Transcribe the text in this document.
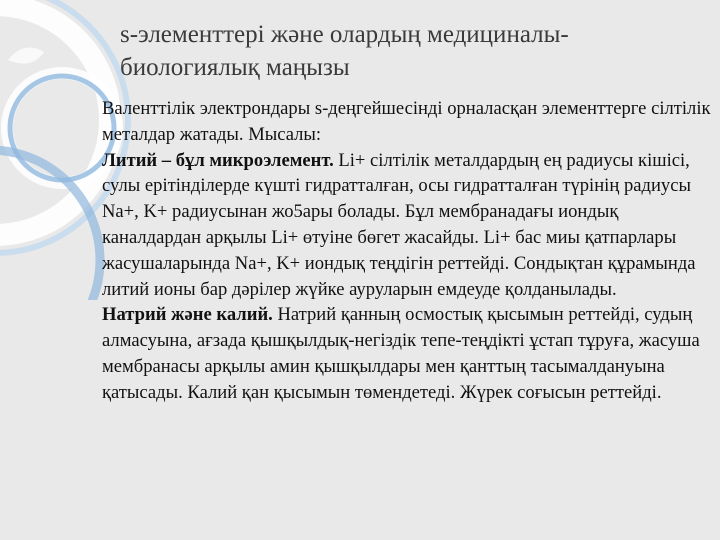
s-элементтері және олардың медициналы-
биологиялық маңызы

Валенттілік электрондары s-деңгейшесінді орналасқан элементтерге сілтілік металдар жатады. Мысалы:

Литий – бұл микроэлемент. Li+ сілтілік металдардың ең радиусы кішісі, сулы ерітінділерде күшті гидратталған, осы гидратталған түрінің радиусы Na+, K+ радиусынан жо5ары болады. Бұл мембранадағы иондық каналдардан арқылы Li+ өтуіне бөгет жасайды. Li+ бас миы қатпарлары жасушаларында Na+, K+ иондық теңдігін реттейді. Сондықтан құрамында литий ионы бар дәрілер жүйке ауруларын емдеуде қолданылады.

Натрий және калий. Натрий қанның осмостық қысымын реттейді, судың алмасуына, ағзада қышқылдық-негіздік тепе-теңдікті ұстап тұруға, жасуша мембранасы арқылы амин қышқылдары мен қанттың тасымалдануына қатысады. Калий қан қысымын төмендетеді. Жүрек соғысын реттейді.
